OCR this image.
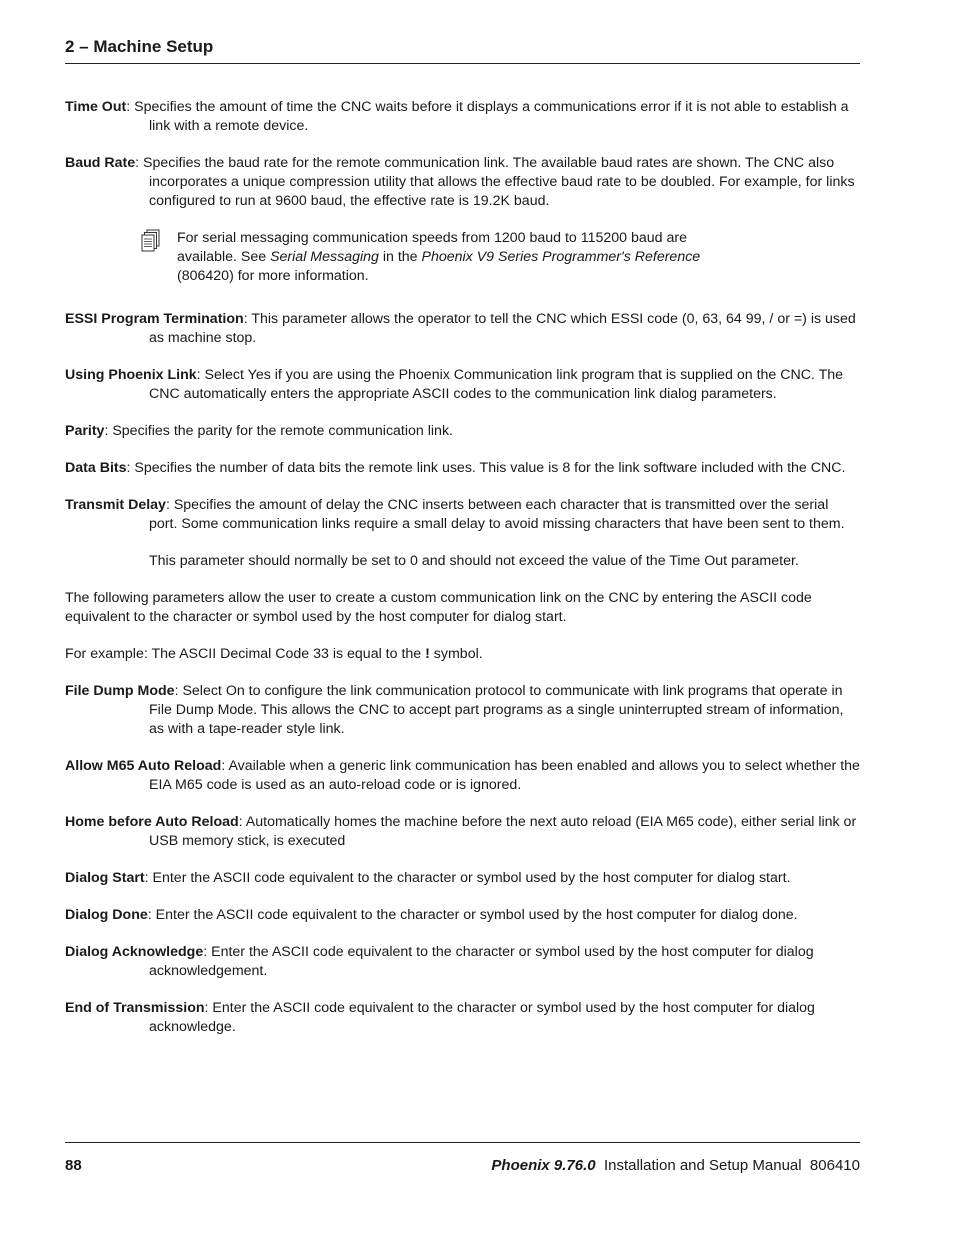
2 – Machine Setup

Time Out: Specifies the amount of time the CNC waits before it displays a communications error if it is not able to establish a link with a remote device.

Baud Rate: Specifies the baud rate for the remote communication link. The available baud rates are shown. The CNC also incorporates a unique compression utility that allows the effective baud rate to be doubled. For example, for links configured to run at 9600 baud, the effective rate is 19.2K baud.

For serial messaging communication speeds from 1200 baud to 115200 baud are available. See Serial Messaging in the Phoenix V9 Series Programmer's Reference (806420) for more information.

ESSI Program Termination: This parameter allows the operator to tell the CNC which ESSI code (0, 63, 64 99, / or =) is used as machine stop.

Using Phoenix Link: Select Yes if you are using the Phoenix Communication link program that is supplied on the CNC. The CNC automatically enters the appropriate ASCII codes to the communication link dialog parameters.

Parity: Specifies the parity for the remote communication link.

Data Bits: Specifies the number of data bits the remote link uses. This value is 8 for the link software included with the CNC.

Transmit Delay: Specifies the amount of delay the CNC inserts between each character that is transmitted over the serial port. Some communication links require a small delay to avoid missing characters that have been sent to them.

This parameter should normally be set to 0 and should not exceed the value of the Time Out parameter.

The following parameters allow the user to create a custom communication link on the CNC by entering the ASCII code equivalent to the character or symbol used by the host computer for dialog start.

For example: The ASCII Decimal Code 33 is equal to the ! symbol.

File Dump Mode: Select On to configure the link communication protocol to communicate with link programs that operate in File Dump Mode. This allows the CNC to accept part programs as a single uninterrupted stream of information, as with a tape-reader style link.

Allow M65 Auto Reload: Available when a generic link communication has been enabled and allows you to select whether the EIA M65 code is used as an auto-reload code or is ignored.

Home before Auto Reload: Automatically homes the machine before the next auto reload (EIA M65 code), either serial link or USB memory stick, is executed

Dialog Start: Enter the ASCII code equivalent to the character or symbol used by the host computer for dialog start.

Dialog Done: Enter the ASCII code equivalent to the character or symbol used by the host computer for dialog done.

Dialog Acknowledge: Enter the ASCII code equivalent to the character or symbol used by the host computer for dialog acknowledgement.

End of Transmission: Enter the ASCII code equivalent to the character or symbol used by the host computer for dialog acknowledge.

88	Phoenix 9.76.0  Installation and Setup Manual  806410
